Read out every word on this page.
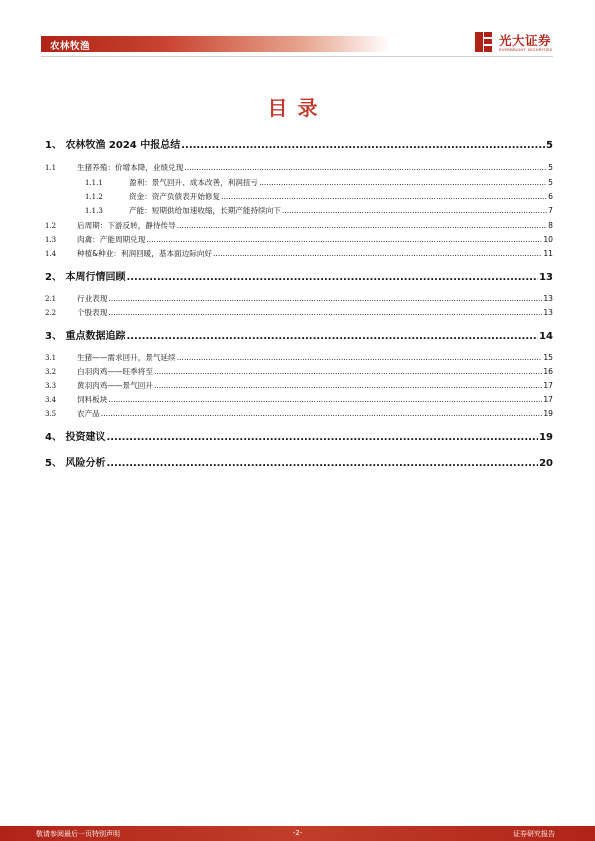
农林牧渔	光大证券
EVERBRIGHT SECURITIES
目录
1、 农林牧渔 2024 中报总结 .....	5
1.1	生猪养殖：价增本降，业绩兑现 .....	5
1.1.1	盈利：景气回升、成本改善，利润扭亏 .....	5
1.1.2	资金：资产负债表开始修复 .....	6
1.1.3	产能：短期供给加速收缩，长期产能持续向下 .....	7
1.2	后周期：下游反转，静待传导 .....	8
1.3	肉禽：产能周期兑现 .....	10
1.4	种植&种业：利润回暖，基本面边际向好 .....	11
2、 本周行情回顾 .....	13
2.1	行业表现 .....	13
2.2	个股表现 .....	13
3、 重点数据追踪 .....	14
3.1	生猪——需求回升，景气延续 .....	15
3.2	白羽肉鸡——旺季将至 .....	16
3.3	黄羽肉鸡——景气回升 .....	17
3.4	饲料板块 .....	17
3.5	农产品 .....	19
4、 投资建议 .....	19
5、 风险分析 .....	20
敬请参阅最后一页特别声明	-2-	证券研究报告
